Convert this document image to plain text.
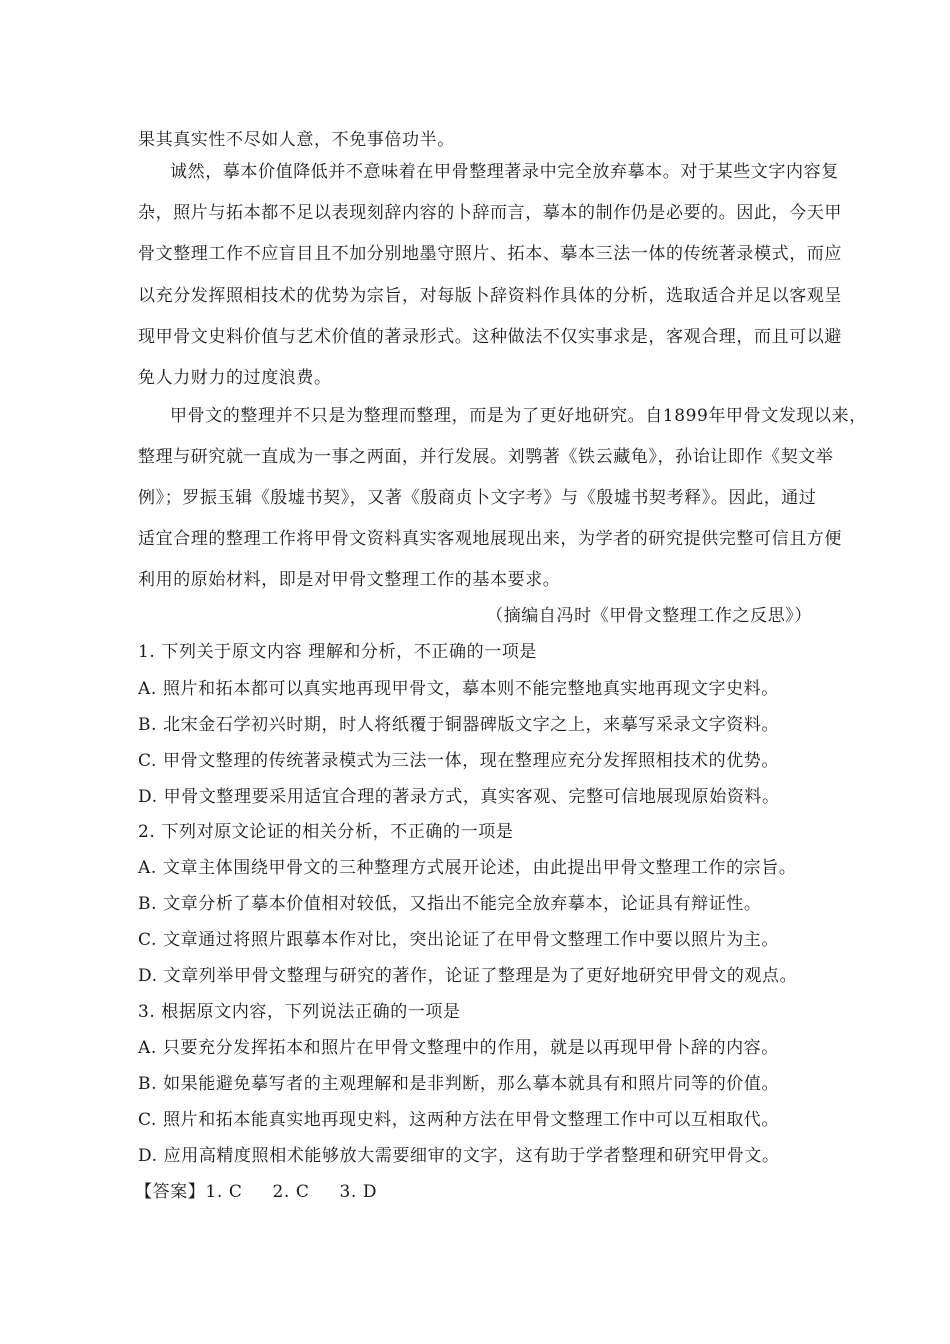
果其真实性不尽如人意，不免事倍功半。
诚然，摹本价值降低并不意味着在甲骨整理著录中完全放弃摹本。对于某些文字内容复
杂，照片与拓本都不足以表现刻辞内容的卜辞而言，摹本的制作仍是必要的。因此，今天甲
骨文整理工作不应盲目且不加分别地墨守照片、拓本、摹本三法一体的传统著录模式，而应
以充分发挥照相技术的优势为宗旨，对每版卜辞资料作具体的分析，选取适合并足以客观呈
现甲骨文史料价值与艺术价值的著录形式。这种做法不仅实事求是，客观合理，而且可以避
免人力财力的过度浪费。
甲骨文的整理并不只是为整理而整理，而是为了更好地研究。自1899年甲骨文发现以来，
整理与研究就一直成为一事之两面，并行发展。刘鹗著《铁云藏龟》，孙诒让即作《契文举
例》；罗振玉辑《殷墟书契》，又著《殷商贞卜文字考》与《殷墟书契考释》。因此，通过
适宜合理的整理工作将甲骨文资料真实客观地展现出来，为学者的研究提供完整可信且方便
利用的原始材料，即是对甲骨文整理工作的基本要求。
（摘编自冯时《甲骨文整理工作之反思》）
1. 下列关于原文内容 理解和分析，不正确的一项是
A. 照片和拓本都可以真实地再现甲骨文，摹本则不能完整地真实地再现文字史料。
B. 北宋金石学初兴时期，时人将纸覆于铜器碑版文字之上，来摹写采录文字资料。
C. 甲骨文整理的传统著录模式为三法一体，现在整理应充分发挥照相技术的优势。
D. 甲骨文整理要采用适宜合理的著录方式，真实客观、完整可信地展现原始资料。
2. 下列对原文论证的相关分析，不正确的一项是
A. 文章主体围绕甲骨文的三种整理方式展开论述，由此提出甲骨文整理工作的宗旨。
B. 文章分析了摹本价值相对较低，又指出不能完全放弃摹本，论证具有辩证性。
C. 文章通过将照片跟摹本作对比，突出论证了在甲骨文整理工作中要以照片为主。
D. 文章列举甲骨文整理与研究的著作，论证了整理是为了更好地研究甲骨文的观点。
3. 根据原文内容，下列说法正确的一项是
A. 只要充分发挥拓本和照片在甲骨文整理中的作用，就是以再现甲骨卜辞的内容。
B. 如果能避免摹写者的主观理解和是非判断，那么摹本就具有和照片同等的价值。
C. 照片和拓本能真实地再现史料，这两种方法在甲骨文整理工作中可以互相取代。
D. 应用高精度照相术能够放大需要细审的文字，这有助于学者整理和研究甲骨文。
【答案】1. C     2. C     3. D
